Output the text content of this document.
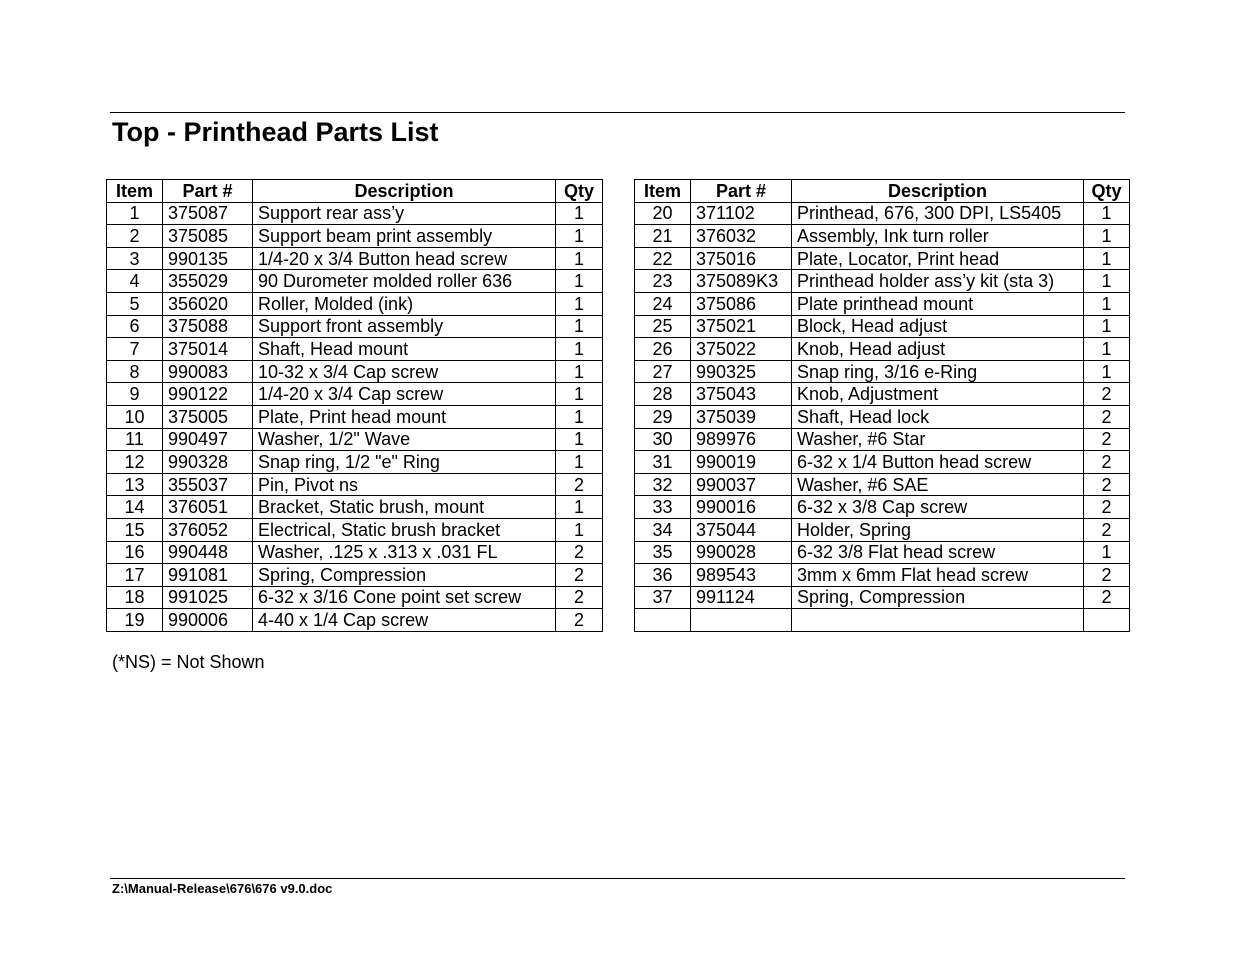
Top - Printhead Parts List
Item	Part #	Description	Qty
1	375087	Support rear ass’y	1
2	375085	Support beam print assembly	1
3	990135	1/4-20 x 3/4 Button head screw	1
4	355029	90 Durometer molded roller 636	1
5	356020	Roller, Molded (ink)	1
6	375088	Support front assembly	1
7	375014	Shaft, Head mount	1
8	990083	10-32 x 3/4 Cap screw	1
9	990122	1/4-20 x 3/4 Cap screw	1
10	375005	Plate, Print head mount	1
11	990497	Washer, 1/2" Wave	1
12	990328	Snap ring, 1/2 "e" Ring	1
13	355037	Pin, Pivot ns	2
14	376051	Bracket, Static brush, mount	1
15	376052	Electrical, Static brush bracket	1
16	990448	Washer, .125 x .313 x .031 FL	2
17	991081	Spring, Compression	2
18	991025	6-32 x 3/16 Cone point set screw	2
19	990006	4-40 x 1/4 Cap screw	2
Item	Part #	Description	Qty
20	371102	Printhead, 676, 300 DPI, LS5405	1
21	376032	Assembly, Ink turn roller	1
22	375016	Plate, Locator, Print head	1
23	375089K3	Printhead holder ass’y kit (sta 3)	1
24	375086	Plate printhead mount	1
25	375021	Block, Head adjust	1
26	375022	Knob, Head adjust	1
27	990325	Snap ring, 3/16 e-Ring	1
28	375043	Knob, Adjustment	2
29	375039	Shaft, Head lock	2
30	989976	Washer, #6 Star	2
31	990019	6-32 x 1/4 Button head screw	2
32	990037	Washer, #6 SAE	2
33	990016	6-32 x 3/8 Cap screw	2
34	375044	Holder, Spring	2
35	990028	6-32 3/8 Flat head screw	1
36	989543	3mm x 6mm Flat head screw	2
37	991124	Spring, Compression	2

(*NS) = Not Shown
Z:\Manual-Release\676\676 v9.0.doc
